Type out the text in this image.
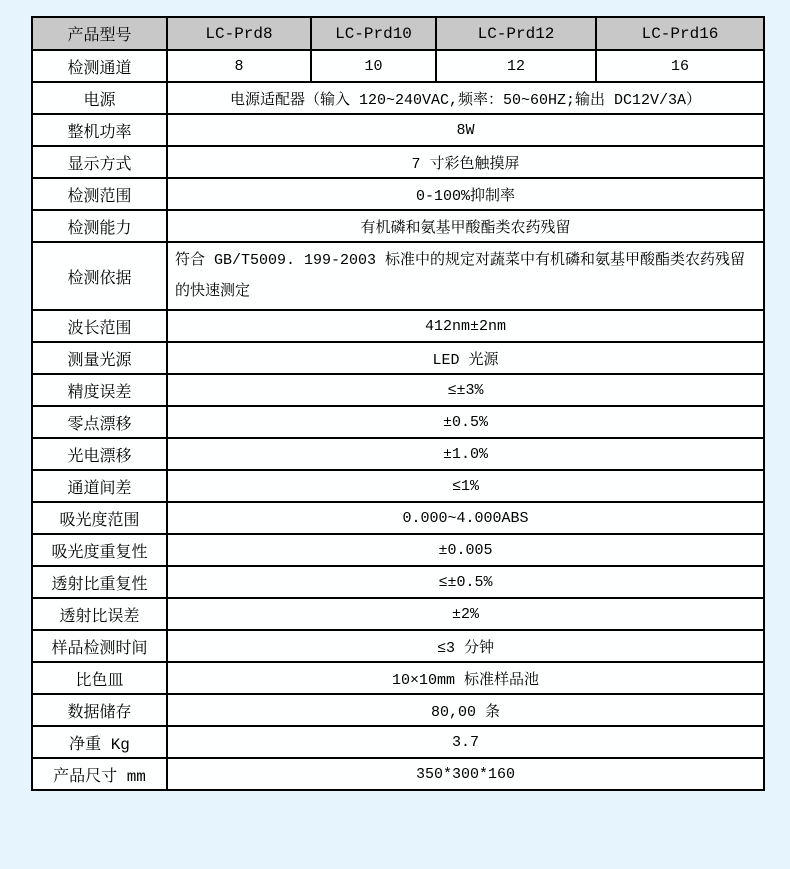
产品型号	LC-Prd8	LC-Prd10	LC-Prd12	LC-Prd16
检测通道	8	10	12	16
电源	电源适配器（输入 120~240VAC,频率：50~60HZ;输出 DC12V/3A）			
整机功率	8W			
显示方式	7 寸彩色触摸屏			
检测范围	0-100%抑制率			
检测能力	有机磷和氨基甲酸酯类农药残留			
检测依据	符合 GB/T5009. 199-2003 标准中的规定对蔬菜中有机磷和氨基甲酸酯类农药残留的快速测定			
波长范围	412nm±2nm			
测量光源	LED 光源			
精度误差	≤±3%			
零点漂移	±0.5%			
光电漂移	±1.0%			
通道间差	≤1%			
吸光度范围	0.000~4.000ABS			
吸光度重复性	±0.005			
透射比重复性	≤±0.5%			
透射比误差	±2%			
样品检测时间	≤3 分钟			
比色皿	10×10mm 标准样品池			
数据储存	80,00 条			
净重 Kg	3.7			
产品尺寸 mm	350*300*160			
